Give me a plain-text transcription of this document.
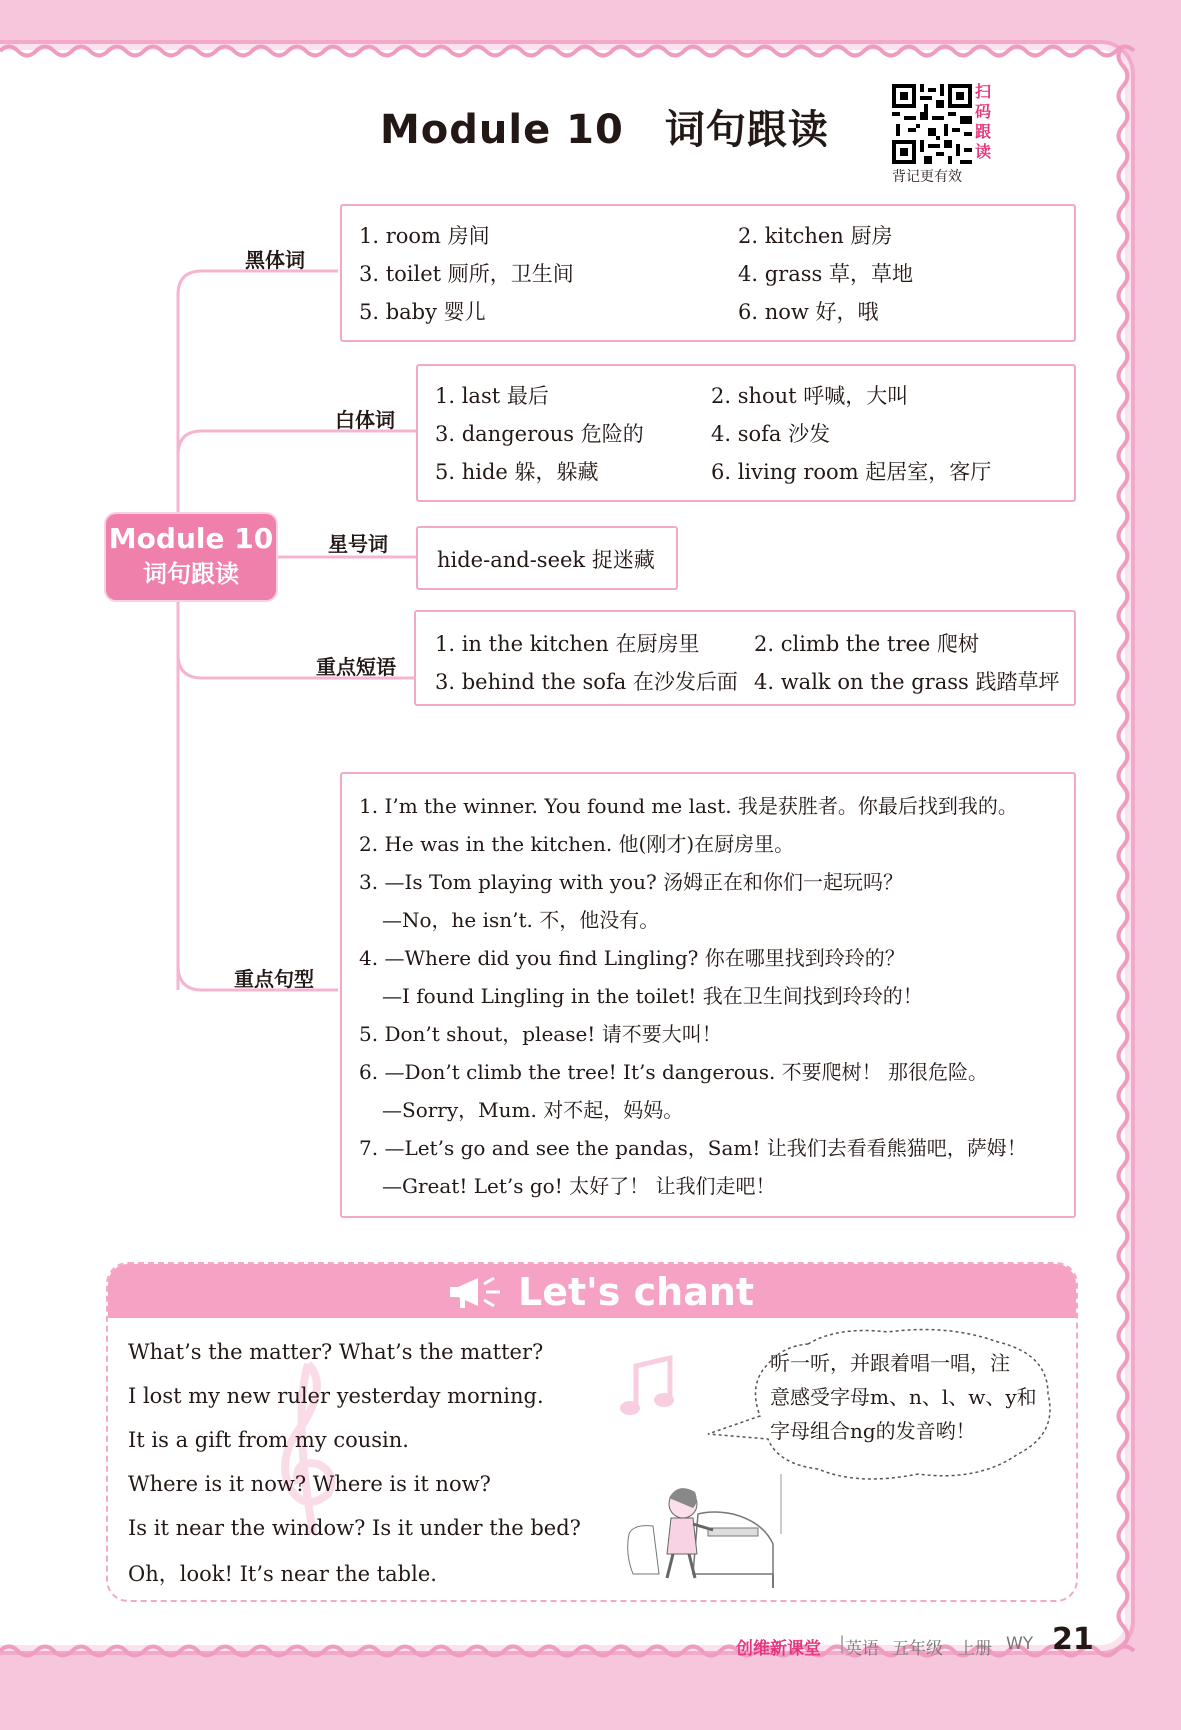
Module 10　词句跟读
扫
码
跟
读
背记更有效
Module 10
词句跟读
黑体词
1. room 房间	2. kitchen 厨房
3. toilet 厕所，卫生间	4. grass 草，草地
5. baby 婴儿	6. now 好，哦
白体词
1. last 最后	2. shout 呼喊，大叫
3. dangerous 危险的	4. sofa 沙发
5. hide 躲，躲藏	6. living room 起居室，客厅
星号词
hide-and-seek 捉迷藏
重点短语
1. in the kitchen 在厨房里	2. climb the tree 爬树
3. behind the sofa 在沙发后面 4. walk on the grass 践踏草坪
重点句型
1. I’m the winner. You found me last. 我是获胜者。你最后找到我的。
2. He was in the kitchen. 他(刚才)在厨房里。
3. —Is Tom playing with you? 汤姆正在和你们一起玩吗？
—No，he isn’t. 不，他没有。
4. —Where did you find Lingling? 你在哪里找到玲玲的？
—I found Lingling in the toilet! 我在卫生间找到玲玲的！
5. Don’t shout，please! 请不要大叫！
6. —Don’t climb the tree! It’s dangerous. 不要爬树！ 那很危险。
—Sorry，Mum. 对不起，妈妈。
7. —Let’s go and see the pandas，Sam! 让我们去看看熊猫吧，萨姆！
—Great! Let’s go! 太好了！ 让我们走吧！
Let's chant
What’s the matter? What’s the matter?
I lost my new ruler yesterday morning.
It is a gift from my cousin.
Where is it now? Where is it now?
Is it near the window? Is it under the bed?
Oh，look! It’s near the table.
听一听，并跟着唱一唱，注
意感受字母m、n、l、w、y和
字母组合ng的发音哟！
创维新课堂 | 英语 五年级 上册 WY 21
